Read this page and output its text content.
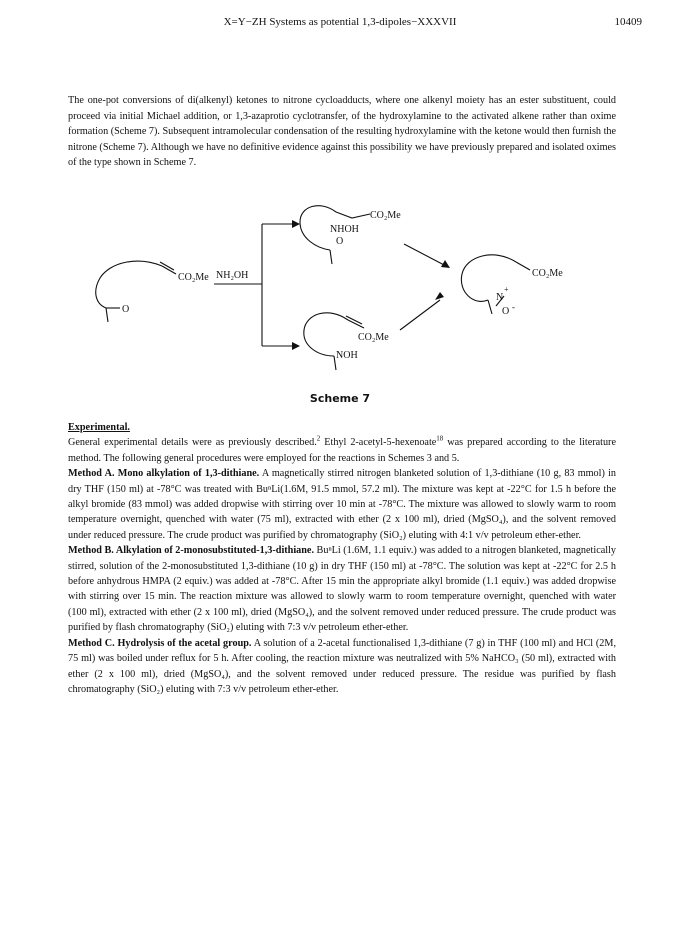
X=Y−ZH Systems as potential 1,3-dipoles−XXXVII	10409
The one-pot conversions of di(alkenyl) ketones to nitrone cycloadducts, where one alkenyl moiety has an ester substituent, could proceed via initial Michael addition, or 1,3-azaprotio cyclotransfer, of the hydroxylamine to the activated alkene rather than oxime formation (Scheme 7). Subsequent intramolecular condensation of the resulting hydroxylamine with the ketone would then furnish the nitrone (Scheme 7). Although we have no definitive evidence against this possibility we have previously prepared and isolated oximes of the type shown in Scheme 7.
CO₂Me
O
NH₂OH
CO₂Me
NHOH
O
CO₂Me
NOH
CO₂Me
N
+
O -
Scheme 7

Experimental.

General experimental details were as previously described.$^2$ Ethyl 2-acetyl-5-hexenoate$^{18}$ was prepared according to the literature method. The following general procedures were employed for the reactions in Schemes 3 and 5.

Method A. Mono alkylation of 1,3-dithiane. A magnetically stirred nitrogen blanketed solution of 1,3-dithiane (10 g, 83 mmol) in dry THF (150 ml) at -78°C was treated with BuⁿLi(1.6M, 91.5 mmol, 57.2 ml). The mixture was kept at -22°C for 1.5 h before the alkyl bromide (83 mmol) was added dropwise with stirring over 10 min at -78°C. The mixture was allowed to slowly warm to room temperature overnight, quenched with water (75 ml), extracted with ether (2 x 100 ml), dried (MgSO₄), and the solvent removed under reduced pressure. The crude product was purified by chromatography (SiO₂) eluting with 4:1 v/v petroleum ether-ether.

Method B. Alkylation of 2-monosubstituted-1,3-dithiane. BuⁿLi (1.6M, 1.1 equiv.) was added to a nitrogen blanketed, magnetically stirred, solution of the 2-monosubstituted 1,3-dithiane (10 g) in dry THF (150 ml) at -78°C. The solution was kept at -22°C for 2.5 h before anhydrous HMPA (2 equiv.) was added at -78°C. After 15 min the appropriate alkyl bromide (1.1 equiv.) was added dropwise with stirring over 15 min. The reaction mixture was allowed to slowly warm to room temperature overnight, quenched with water (100 ml), extracted with ether (2 x 100 ml), dried (MgSO₄), and the solvent removed under reduced pressure. The crude product was purified by flash chromatography (SiO₂) eluting with 7:3 v/v petroleum ether-ether.

Method C. Hydrolysis of the acetal group. A solution of a 2-acetal functionalised 1,3-dithiane (7 g) in THF (100 ml) and HCl (2M, 75 ml) was boiled under reflux for 5 h. After cooling, the reaction mixture was neutralized with 5% NaHCO₃ (50 ml), extracted with ether (2 x 100 ml), dried (MgSO₄), and the solvent removed under reduced pressure. The residue was purified by flash chromatography (SiO₂) eluting with 7:3 v/v petroleum ether-ether.
